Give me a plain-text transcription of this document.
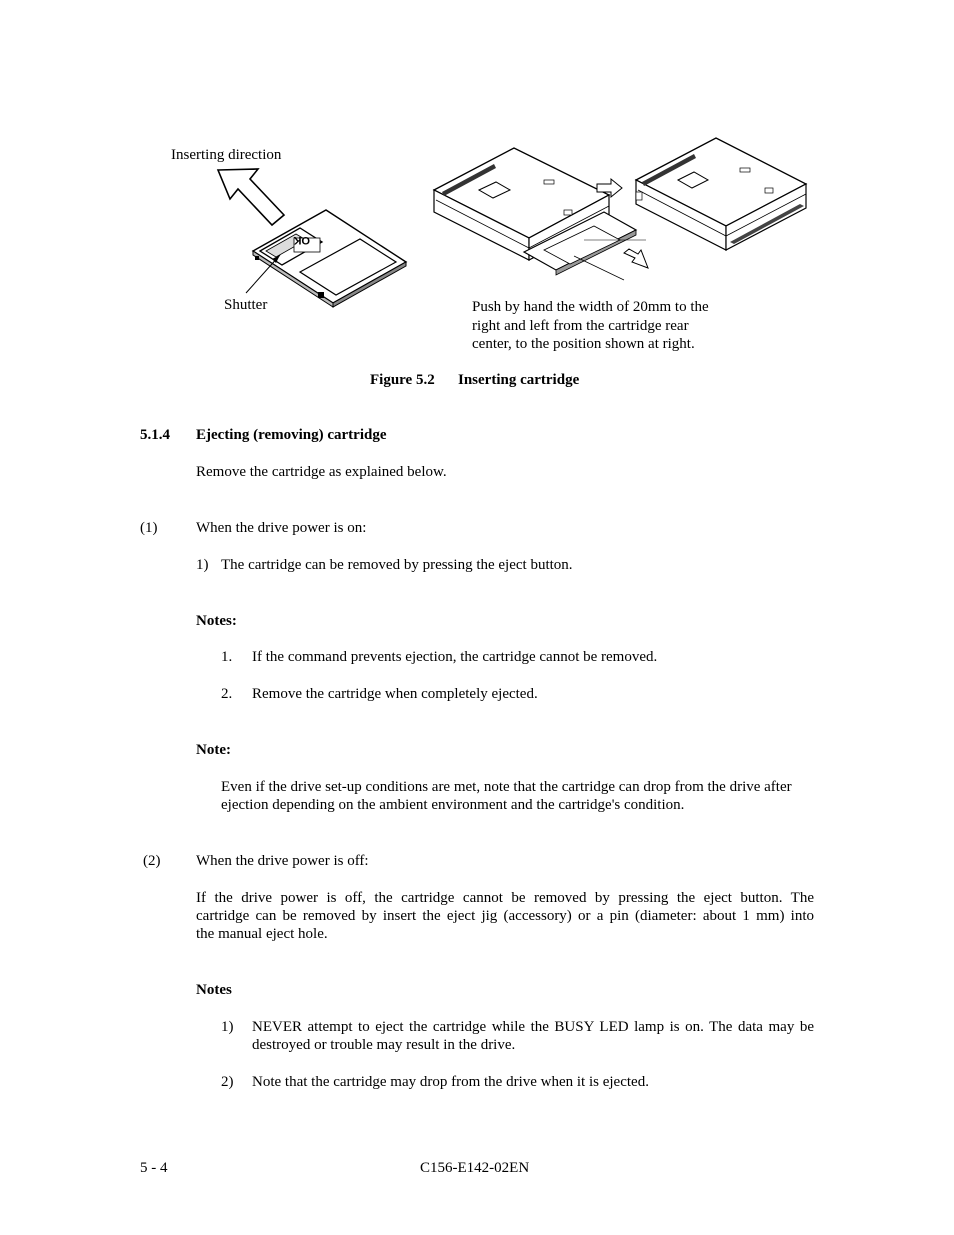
Inserting direction
OK
Shutter	Push by hand the width of 20mm to the
right and left from the cartridge rear
center, to the position shown at right.
Figure 5.2 Inserting cartridge
5.1.4 Ejecting (removing) cartridge
Remove the cartridge as explained below.
(1)	When the drive power is on:
1) The cartridge can be removed by pressing the eject button.
Notes:
1. If the command prevents ejection, the cartridge cannot be removed.
2. Remove the cartridge when completely ejected.
Note:
Even if the drive set-up conditions are met, note that the cartridge can drop from the drive after
ejection depending on the ambient environment and the cartridge's condition.
(2) When the drive power is off:
If the drive power is off, the cartridge cannot be removed by pressing the eject button. The
cartridge can be removed by insert the eject jig (accessory) or a pin (diameter: about 1 mm) into
the manual eject hole.
Notes
1) NEVER attempt to eject the cartridge while the BUSY LED lamp is on. The data may be
destroyed or trouble may result in the drive.
2) Note that the cartridge may drop from the drive when it is ejected.
5 - 4	C156-E142-02EN
